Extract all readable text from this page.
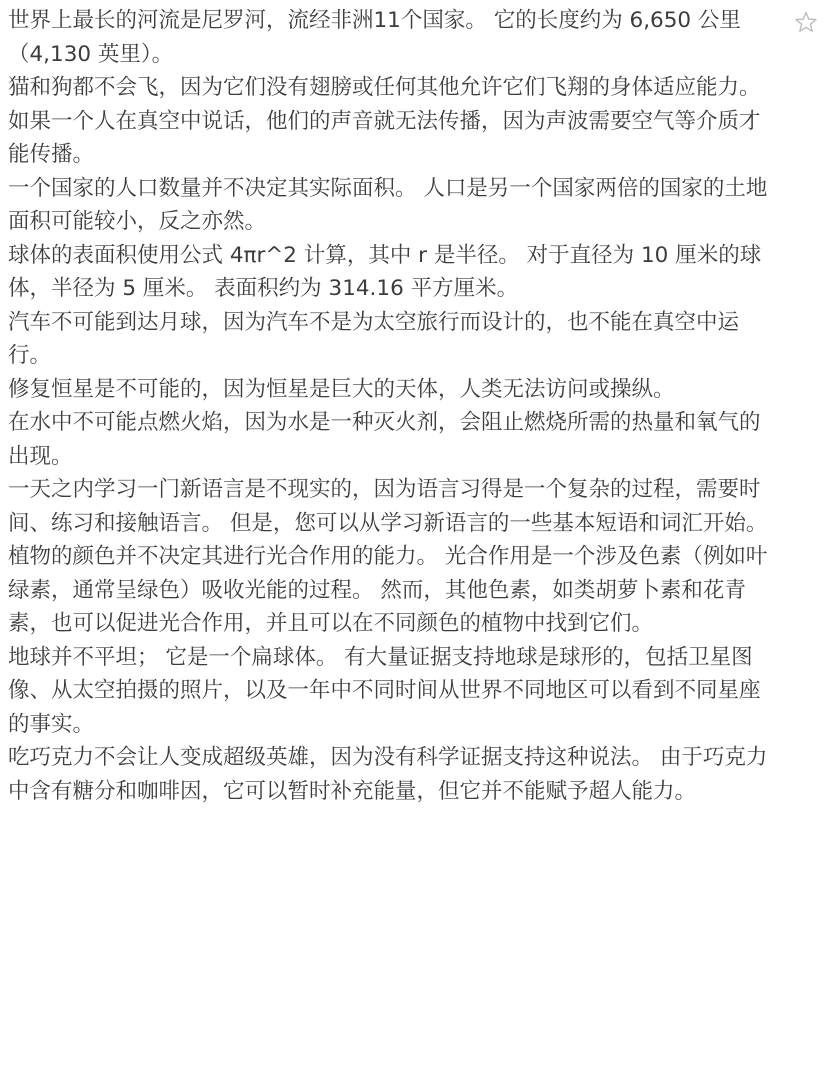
世界上最长的河流是尼罗河，流经非洲11个国家。 它的长度约为 6,650 公里（4,130 英里）。

猫和狗都不会飞，因为它们没有翅膀或任何其他允许它们飞翔的身体适应能力。

如果一个人在真空中说话，他们的声音就无法传播，因为声波需要空气等介质才能传播。

一个国家的人口数量并不决定其实际面积。 人口是另一个国家两倍的国家的土地面积可能较小，反之亦然。

球体的表面积使用公式 4πr^2 计算，其中 r 是半径。 对于直径为 10 厘米的球体，半径为 5 厘米。 表面积约为 314.16 平方厘米。

汽车不可能到达月球，因为汽车不是为太空旅行而设计的，也不能在真空中运行。

修复恒星是不可能的，因为恒星是巨大的天体，人类无法访问或操纵。

在水中不可能点燃火焰，因为水是一种灭火剂，会阻止燃烧所需的热量和氧气的出现。

一天之内学习一门新语言是不现实的，因为语言习得是一个复杂的过程，需要时间、练习和接触语言。 但是，您可以从学习新语言的一些基本短语和词汇开始。

植物的颜色并不决定其进行光合作用的能力。 光合作用是一个涉及色素（例如叶绿素，通常呈绿色）吸收光能的过程。 然而，其他色素，如类胡萝卜素和花青素，也可以促进光合作用，并且可以在不同颜色的植物中找到它们。

地球并不平坦； 它是一个扁球体。 有大量证据支持地球是球形的，包括卫星图像、从太空拍摄的照片，以及一年中不同时间从世界不同地区可以看到不同星座的事实。

吃巧克力不会让人变成超级英雄，因为没有科学证据支持这种说法。 由于巧克力中含有糖分和咖啡因，它可以暂时补充能量，但它并不能赋予超人能力。
